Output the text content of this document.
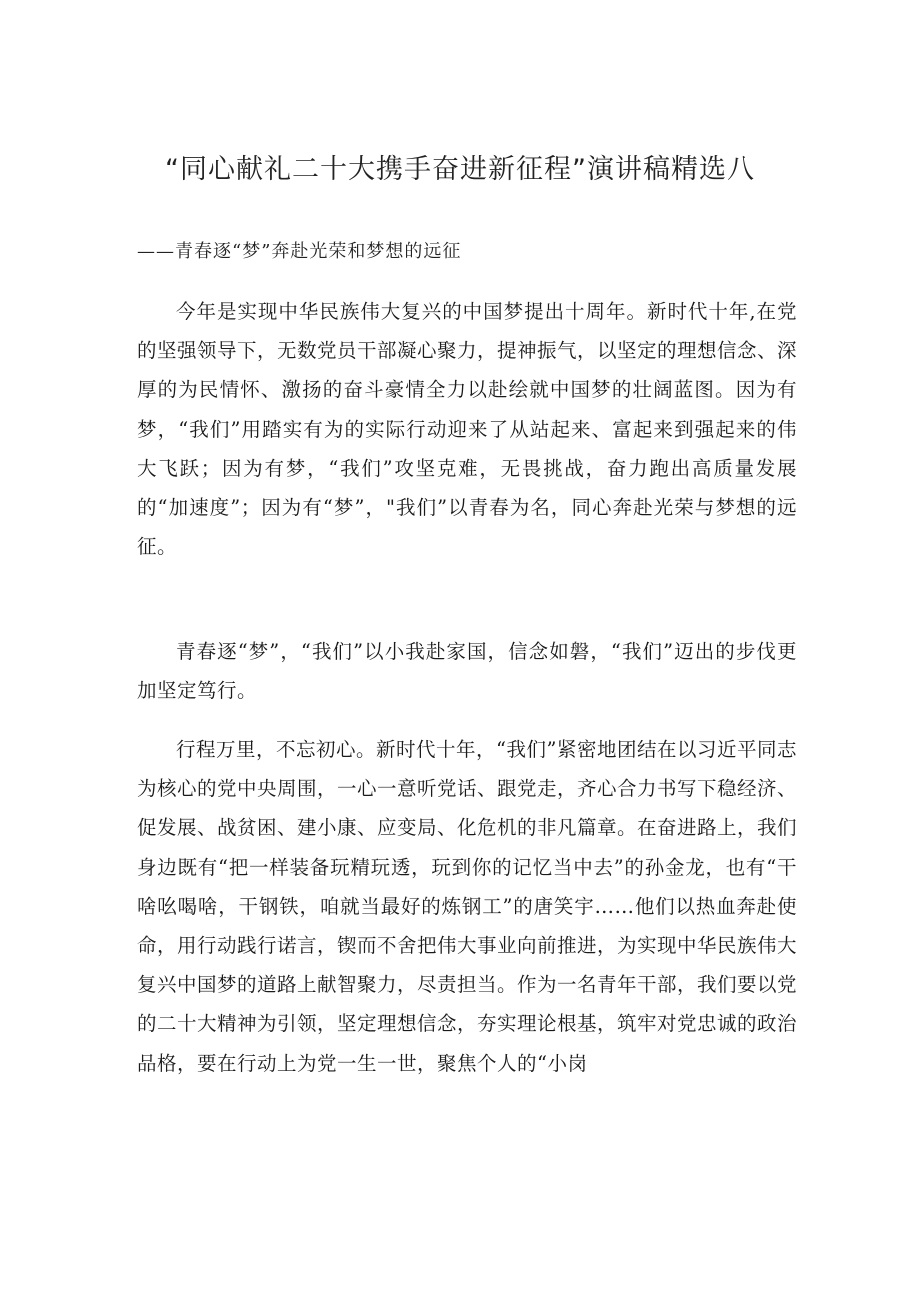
“同心献礼二十大携手奋进新征程”演讲稿精选八

——青春逐“梦”奔赴光荣和梦想的远征

今年是实现中华民族伟大复兴的中国梦提出十周年。新时代十年,在党的坚强领导下，无数党员干部凝心聚力，提神振气，以坚定的理想信念、深厚的为民情怀、激扬的奋斗豪情全力以赴绘就中国梦的壮阔蓝图。因为有梦，“我们”用踏实有为的实际行动迎来了从站起来、富起来到强起来的伟大飞跃；因为有梦，“我们”攻坚克难，无畏挑战，奋力跑出高质量发展的“加速度”；因为有“梦”，"我们”以青春为名，同心奔赴光荣与梦想的远征。

青春逐“梦”，“我们”以小我赴家国，信念如磐，“我们”迈出的步伐更加坚定笃行。

行程万里，不忘初心。新时代十年，“我们”紧密地团结在以习近平同志为核心的党中央周围，一心一意听党话、跟党走，齐心合力书写下稳经济、促发展、战贫困、建小康、应变局、化危机的非凡篇章。在奋进路上，我们身边既有“把一样装备玩精玩透，玩到你的记忆当中去”的孙金龙，也有“干啥吆喝啥，干钢铁，咱就当最好的炼钢工”的唐笑宇……他们以热血奔赴使命，用行动践行诺言，锲而不舍把伟大事业向前推进，为实现中华民族伟大复兴中国梦的道路上献智聚力，尽责担当。作为一名青年干部，我们要以党的二十大精神为引领，坚定理想信念，夯实理论根基，筑牢对党忠诚的政治品格，要在行动上为党一生一世，聚焦个人的“小岗
